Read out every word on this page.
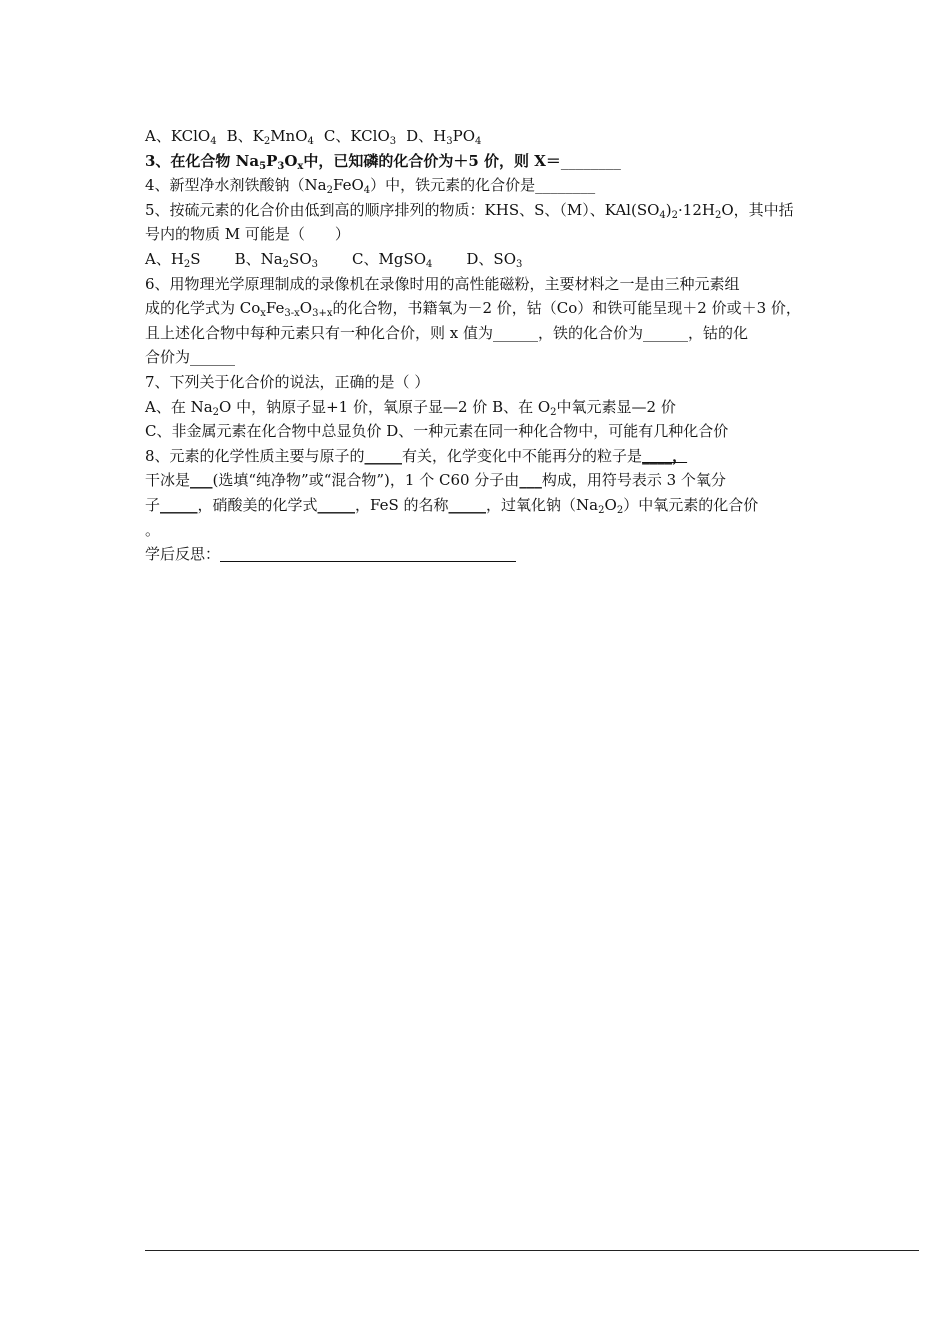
A、KClO$_4$ B、$K_2MnO_4$ C、KClO$_3$ D、$H_3PO_4$
3、在化合物 $Na_5P_3O_x$中，已知磷的化合价为＋5 价，则 X＝________
4、新型净水剂铁酸钠$(Na_2FeO_4)$中，铁元素的化合价是________
5、按硫元素的化合价由低到高的顺序排列的物质：KHS、S、（M）、$KAl(SO_4)_2\cdot 12H_2O$，其中括
号内的物质 M 可能是（　　）
A、$H_2S$ B、$Na_2SO_3$ C、MgSO$_4$ D、$SO_3$
6、用物理光学原理制成的录像机在录像时用的高性能磁粉，主要材料之一是由三种元素组
成的化学式为 $Co_xFe_{3-x}O_{3+x}$的化合物，书籍氧为－2 价，钴（Co）和铁可能呈现＋2 价或＋3 价，
且上述化合物中每种元素只有一种化合价，则 x 值为______，铁的化合价为______，钴的化
合价为______
7、下列关于化合价的说法，正确的是（ ）
A、在 $Na_2O$ 中，钠原子显+1 价，氧原子显—2 价 B、在 $O_2$中氧元素显—2 价
C、非金属元素在化合物中总显负价 D、一种元素在同一种化合物中，可能有几种化合价
8、元素的化学性质主要与原子的_____有关，化学变化中不能再分的粒子是____，
干冰是___(选填“纯净物”或“混合物”)，1 个 C60 分子由___构成，用符号表示 3 个氧分
子_____，硝酸美的化学式_____，FeS 的名称_____，过氧化钠$(Na_2O_2)$中氧元素的化合价
。
学后反思：
